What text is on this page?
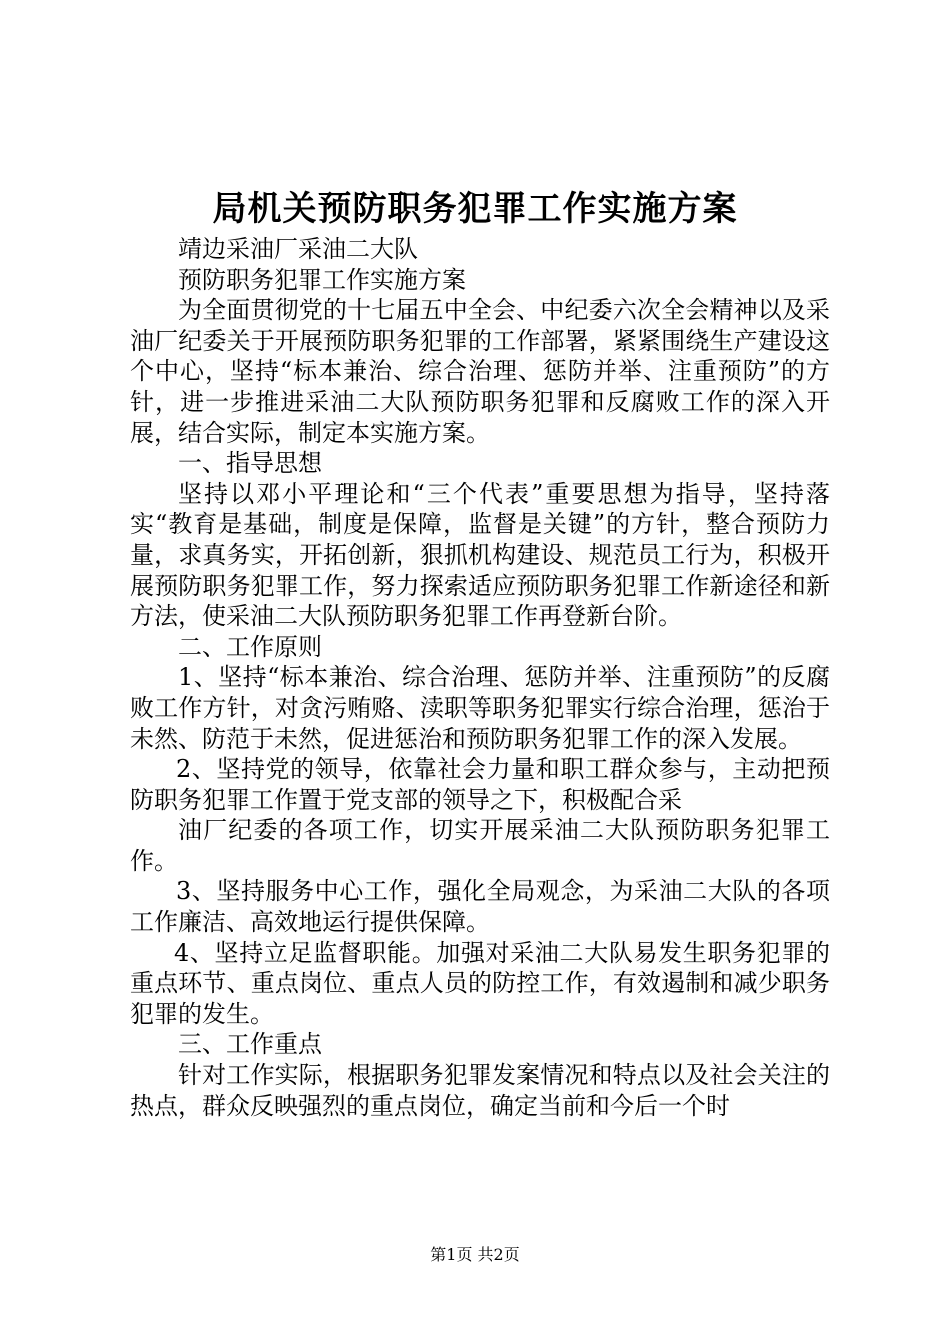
局机关预防职务犯罪工作实施方案

靖边采油厂采油二大队

预防职务犯罪工作实施方案

为全面贯彻党的十七届五中全会、中纪委六次全会精神以及采油厂纪委关于开展预防职务犯罪的工作部署，紧紧围绕生产建设这个中心，坚持“标本兼治、综合治理、惩防并举、注重预防”的方针，进一步推进采油二大队预防职务犯罪和反腐败工作的深入开展，结合实际，制定本实施方案。

一、指导思想

坚持以邓小平理论和“三个代表”重要思想为指导，坚持落实“教育是基础，制度是保障，监督是关键”的方针，整合预防力量，求真务实，开拓创新，狠抓机构建设、规范员工行为，积极开展预防职务犯罪工作，努力探索适应预防职务犯罪工作新途径和新方法，使采油二大队预防职务犯罪工作再登新台阶。

二、工作原则

1、坚持“标本兼治、综合治理、惩防并举、注重预防”的反腐败工作方针，对贪污贿赂、渎职等职务犯罪实行综合治理，惩治于未然、防范于未然，促进惩治和预防职务犯罪工作的深入发展。

2、坚持党的领导，依靠社会力量和职工群众参与，主动把预防职务犯罪工作置于党支部的领导之下，积极配合采

油厂纪委的各项工作，切实开展采油二大队预防职务犯罪工作。

3、坚持服务中心工作，强化全局观念，为采油二大队的各项工作廉洁、高效地运行提供保障。

4、坚持立足监督职能。加强对采油二大队易发生职务犯罪的重点环节、重点岗位、重点人员的防控工作，有效遏制和减少职务犯罪的发生。

三、工作重点

针对工作实际，根据职务犯罪发案情况和特点以及社会关注的热点，群众反映强烈的重点岗位，确定当前和今后一个时

第1页 共2页
